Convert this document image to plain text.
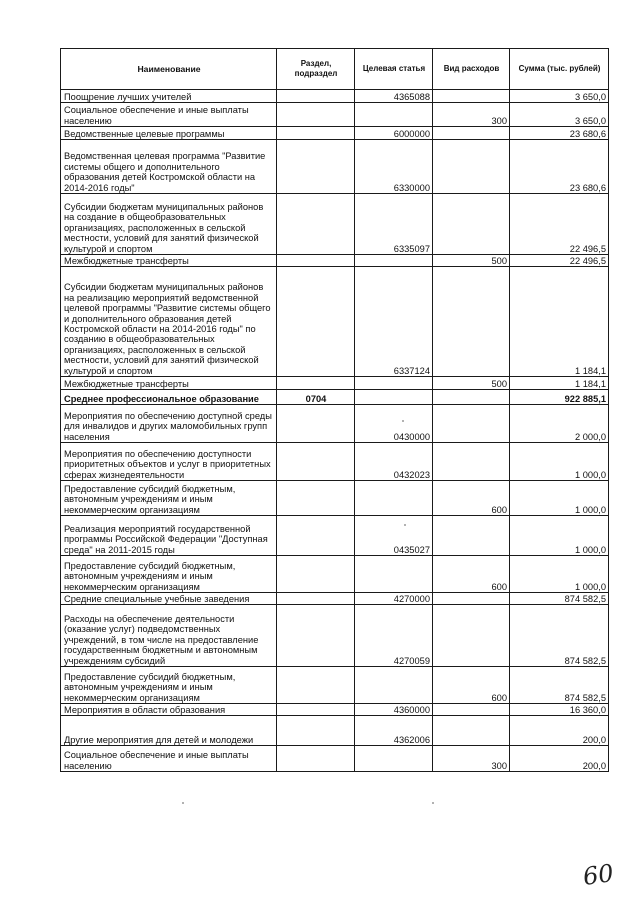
Наименование	Раздел, подраздел	Целевая статья	Вид расходов	Сумма (тыс. рублей)
Поощрение лучших учителей		4365088		3 650,0
Социальное обеспечение и иные выплаты населению			300	3 650,0
Ведомственные целевые программы		6000000		23 680,6
Ведомственная целевая программа "Развитие системы общего и дополнительного образования детей Костромской области на 2014-2016 годы"		6330000		23 680,6
Субсидии бюджетам муниципальных районов на создание в общеобразовательных организациях, расположенных в сельской местности, условий для занятий физической культурой и спортом		6335097		22 496,5
Межбюджетные трансферты			500	22 496,5
Субсидии бюджетам муниципальных районов на реализацию мероприятий ведомственной целевой программы "Развитие системы общего и дополнительного образования детей Костромской области на 2014-2016 годы" по созданию в общеобразовательных организациях, расположенных в сельской местности, условий для занятий физической культурой и спортом		6337124		1 184,1
Межбюджетные трансферты			500	1 184,1
Среднее профессиональное образование	0704			922 885,1
Мероприятия по обеспечению доступной среды для инвалидов и других маломобильных групп населения		0430000		2 000,0
Мероприятия по обеспечению доступности приоритетных объектов и услуг в приоритетных сферах жизнедеятельности		0432023		1 000,0
Предоставление субсидий бюджетным, автономным учреждениям и иным некоммерческим организациям			600	1 000,0
Реализация мероприятий государственной программы Российской Федерации "Доступная среда" на 2011-2015 годы		0435027		1 000,0
Предоставление субсидий бюджетным, автономным учреждениям и иным некоммерческим организациям			600	1 000,0
Средние специальные учебные заведения		4270000		874 582,5
Расходы на обеспечение деятельности (оказание услуг) подведомственных учреждений, в том числе на предоставление государственным бюджетным и автономным учреждениям субсидий		4270059		874 582,5
Предоставление субсидий бюджетным, автономным учреждениям и иным некоммерческим организациям			600	874 582,5
Мероприятия в области образования		4360000		16 360,0
Другие мероприятия для детей и молодежи		4362006		200,0
Социальное обеспечение и иные выплаты населению			300	200,0
60
